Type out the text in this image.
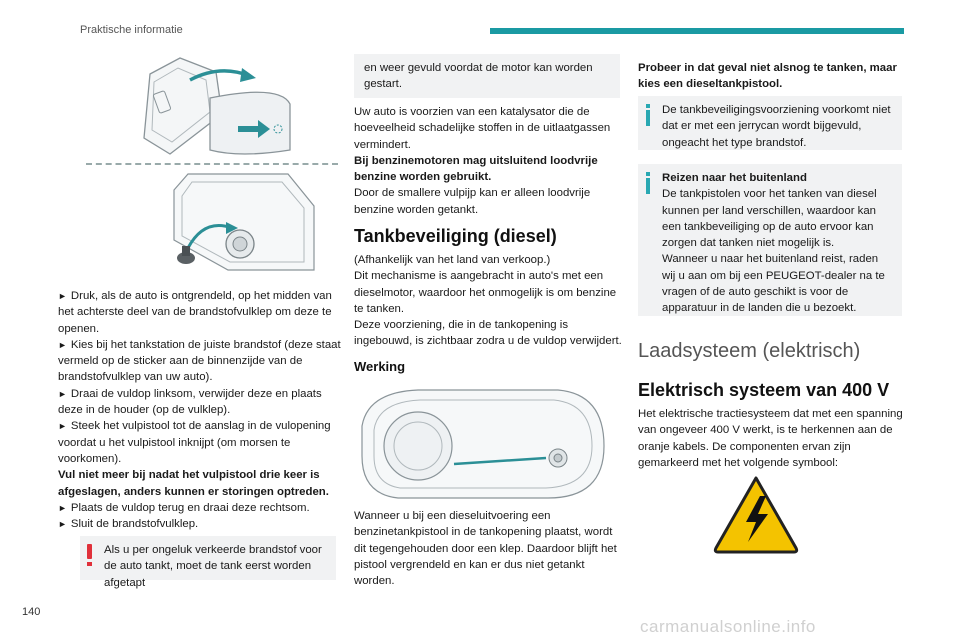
Praktische informatie

► Druk, als de auto is ontgrendeld, op het midden van het achterste deel van de brandstofvulklep om deze te openen.

► Kies bij het tankstation de juiste brandstof (deze staat vermeld op de sticker aan de binnenzijde van de brandstofvulklep van uw auto).

► Draai de vuldop linksom, verwijder deze en plaats deze in de houder (op de vulklep).

► Steek het vulpistool tot de aanslag in de vulopening voordat u het vulpistool inknijpt (om morsen te voorkomen).

Vul niet meer bij nadat het vulpistool drie keer is afgeslagen, anders kunnen er storingen optreden.

► Plaats de vuldop terug en draai deze rechtsom.

► Sluit de brandstofvulklep.

Als u per ongeluk verkeerde brandstof voor de auto tankt, moet de tank eerst worden afgetapt
en weer gevuld voordat de motor kan worden gestart.

Uw auto is voorzien van een katalysator die de hoeveelheid schadelijke stoffen in de uitlaatgassen vermindert.

Bij benzinemotoren mag uitsluitend loodvrije benzine worden gebruikt.

Door de smallere vulpijp kan er alleen loodvrije benzine worden getankt.

Tankbeveiliging (diesel)

(Afhankelijk van het land van verkoop.)

Dit mechanisme is aangebracht in auto's met een dieselmotor, waardoor het onmogelijk is om benzine te tanken.

Deze voorziening, die in de tankopening is ingebouwd, is zichtbaar zodra u de vuldop verwijdert.

Werking

Wanneer u bij een dieseluitvoering een benzinetankpistool in de tankopening plaatst, wordt dit tegengehouden door een klep. Daardoor blijft het pistool vergrendeld en kan er dus niet getankt worden.

Probeer in dat geval niet alsnog te tanken, maar kies een dieseltankpistool.

De tankbeveiligingsvoorziening voorkomt niet dat er met een jerrycan wordt bijgevuld, ongeacht het type brandstof.

Reizen naar het buitenland

De tankpistolen voor het tanken van diesel kunnen per land verschillen, waardoor kan een tankbeveiliging op de auto ervoor kan zorgen dat tanken niet mogelijk is.

Wanneer u naar het buitenland reist, raden wij u aan om bij een PEUGEOT-dealer na te vragen of de auto geschikt is voor de apparatuur in de landen die u bezoekt.

Laadsysteem (elektrisch)
Elektrisch systeem van 400 V

Het elektrische tractiesysteem dat met een spanning van ongeveer 400 V werkt, is te herkennen aan de oranje kabels. De componenten ervan zijn gemarkeerd met het volgende symbool:

140
carmanualsonline.info
